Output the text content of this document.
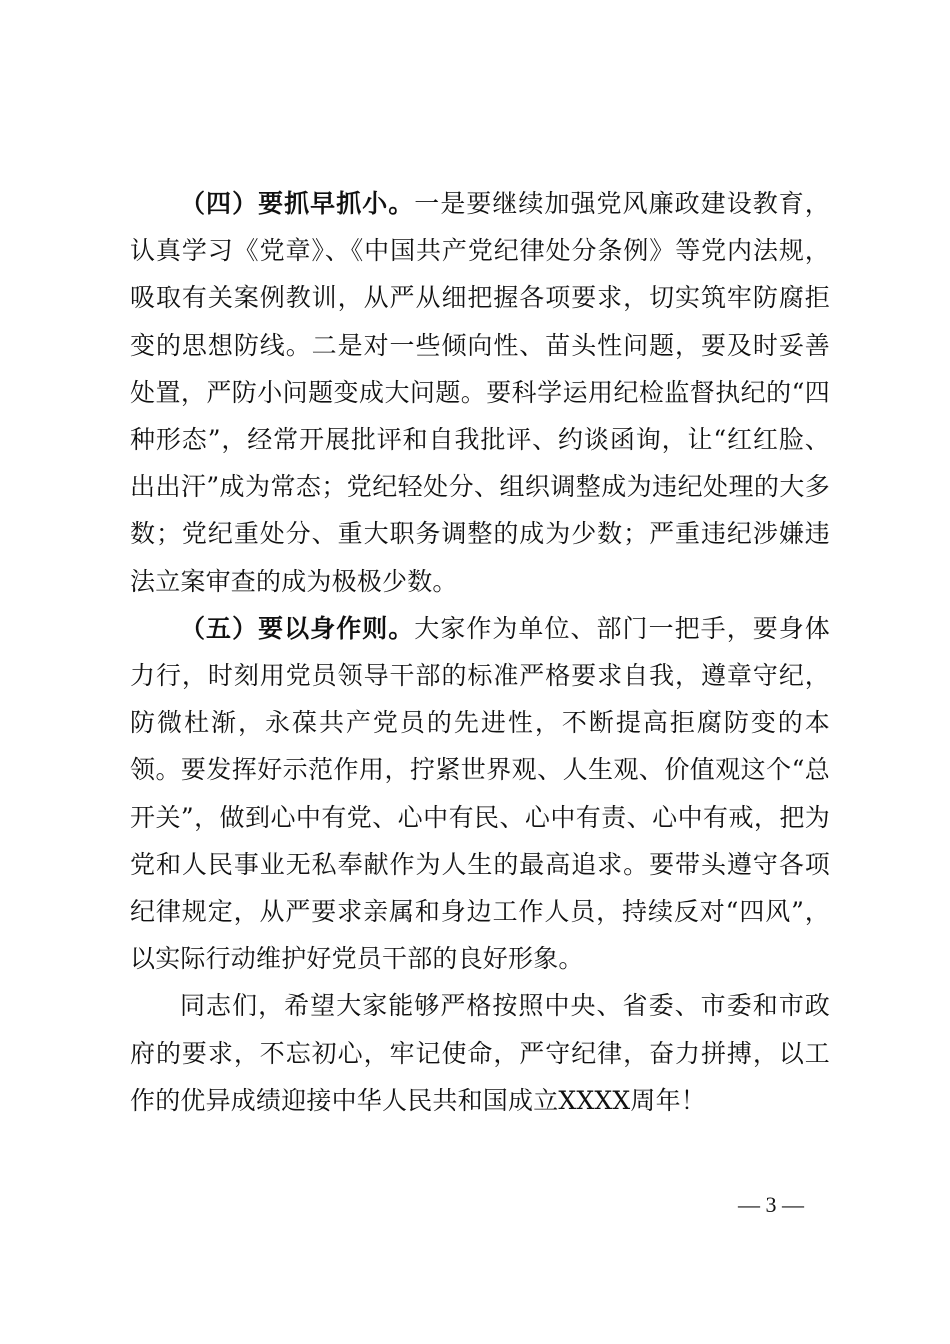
（四）要抓早抓小。一是要继续加强党风廉政建设教育，认真学习《党章》、《中国共产党纪律处分条例》等党内法规，吸取有关案例教训，从严从细把握各项要求，切实筑牢防腐拒变的思想防线。二是对一些倾向性、苗头性问题，要及时妥善处置，严防小问题变成大问题。要科学运用纪检监督执纪的“四种形态”，经常开展批评和自我批评、约谈函询，让“红红脸、出出汗”成为常态；党纪轻处分、组织调整成为违纪处理的大多数；党纪重处分、重大职务调整的成为少数；严重违纪涉嫌违法立案审查的成为极极少数。

（五）要以身作则。大家作为单位、部门一把手，要身体力行，时刻用党员领导干部的标准严格要求自我，遵章守纪，防微杜渐，永葆共产党员的先进性，不断提高拒腐防变的本领。要发挥好示范作用，拧紧世界观、人生观、价值观这个“总开关”，做到心中有党、心中有民、心中有责、心中有戒，把为党和人民事业无私奉献作为人生的最高追求。要带头遵守各项纪律规定，从严要求亲属和身边工作人员，持续反对“四风”，以实际行动维护好党员干部的良好形象。

同志们，希望大家能够严格按照中央、省委、市委和市政府的要求，不忘初心，牢记使命，严守纪律，奋力拼搏，以工作的优异成绩迎接中华人民共和国成立XXXX周年！

— 3 —
